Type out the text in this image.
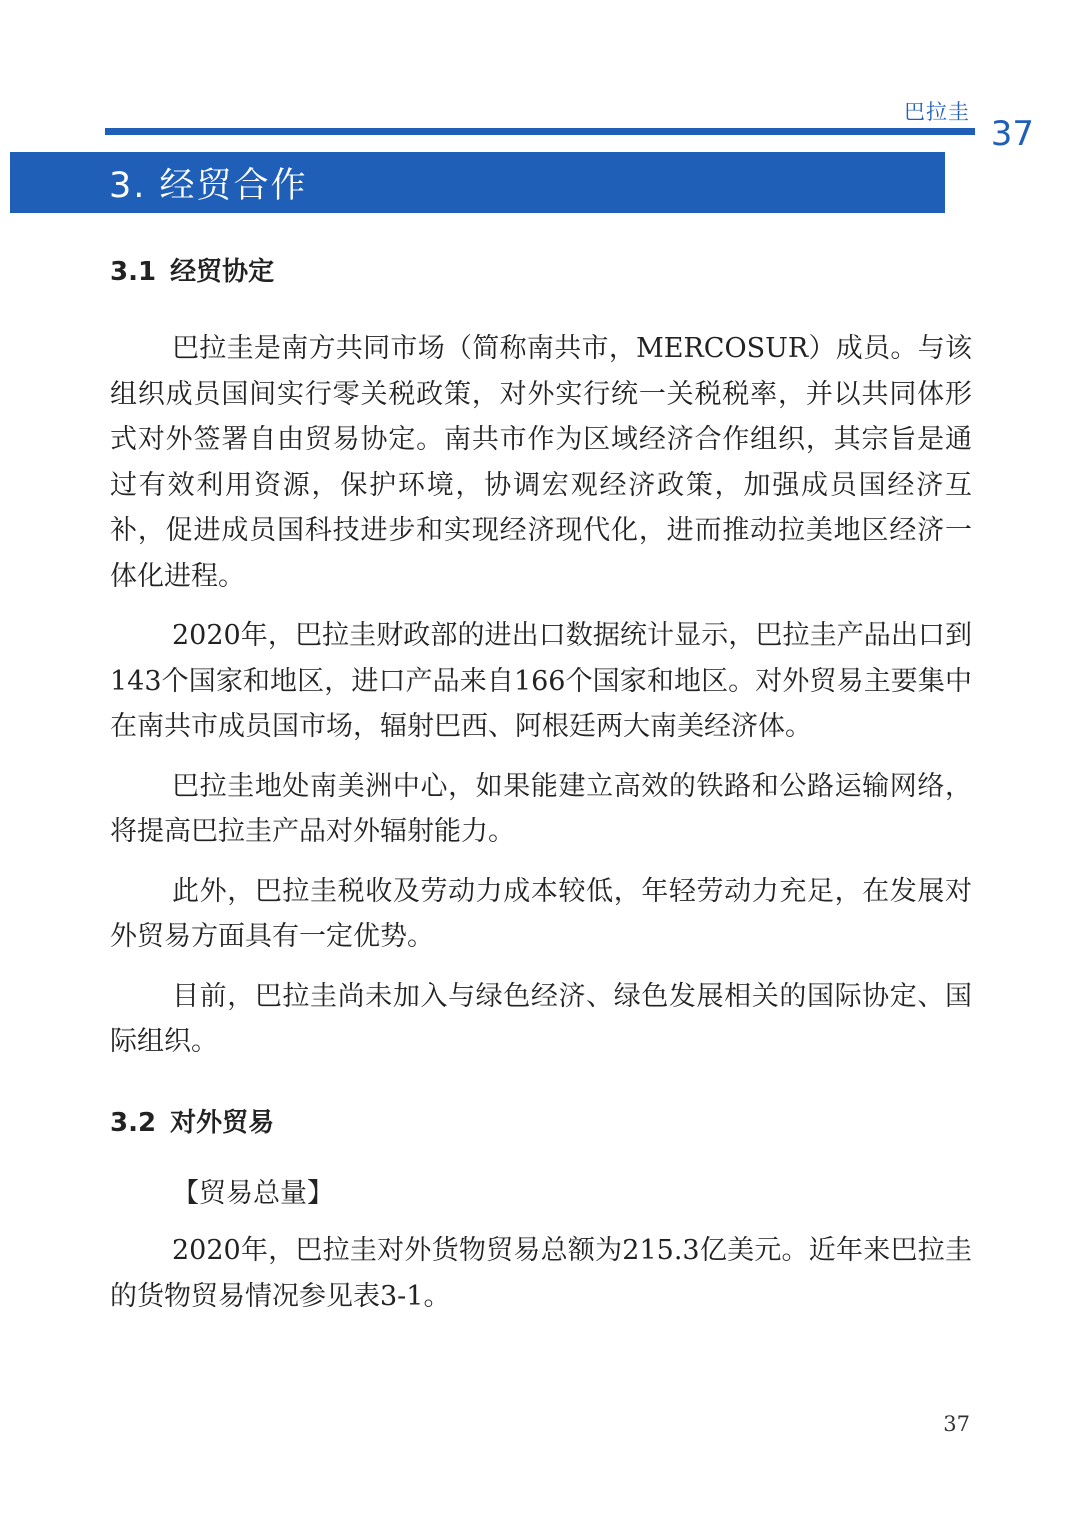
巴拉圭
37
3. 经贸合作
3.1 经贸协定

巴拉圭是南方共同市场（简称南共市，MERCOSUR）成员。与该组织成员国间实行零关税政策，对外实行统一关税税率，并以共同体形式对外签署自由贸易协定。南共市作为区域经济合作组织，其宗旨是通过有效利用资源，保护环境，协调宏观经济政策，加强成员国经济互补，促进成员国科技进步和实现经济现代化，进而推动拉美地区经济一体化进程。

2020年，巴拉圭财政部的进出口数据统计显示，巴拉圭产品出口到143个国家和地区，进口产品来自166个国家和地区。对外贸易主要集中在南共市成员国市场，辐射巴西、阿根廷两大南美经济体。

巴拉圭地处南美洲中心，如果能建立高效的铁路和公路运输网络，将提高巴拉圭产品对外辐射能力。

此外，巴拉圭税收及劳动力成本较低，年轻劳动力充足，在发展对外贸易方面具有一定优势。

目前，巴拉圭尚未加入与绿色经济、绿色发展相关的国际协定、国际组织。

3.2 对外贸易

【贸易总量】

2020年，巴拉圭对外货物贸易总额为215.3亿美元。近年来巴拉圭的货物贸易情况参见表3-1。

37
